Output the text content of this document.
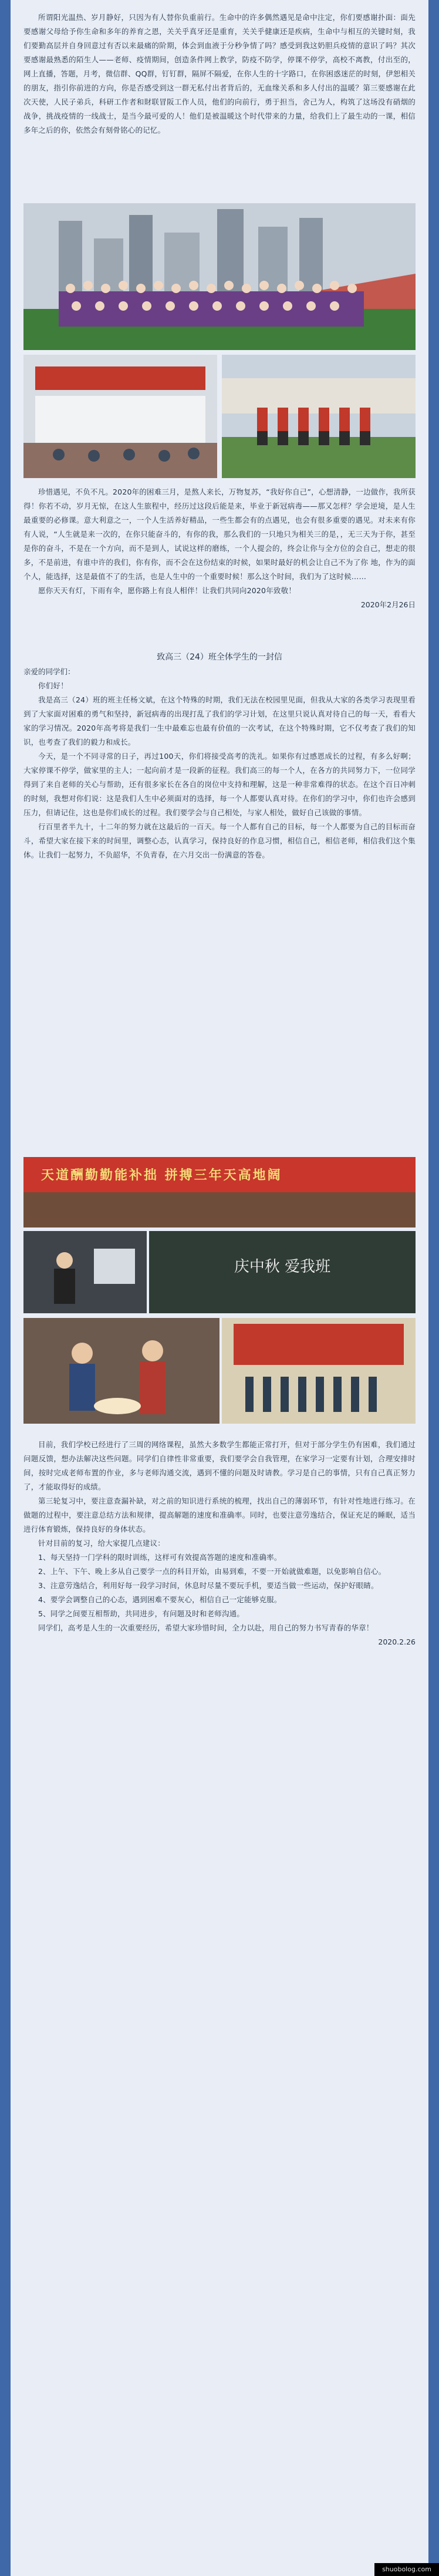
所谓阳光温热、岁月静好，只因为有人替你负重前行。生命中的许多偶然遇见是命中注定，你们要感谢扑面：面先要感谢父母给予你生命和多年的养育之恩，关关乎真牙还是重育，关关乎健康还是疾病，生命中与相互的关键时刻，我们要勤高层并自身回意过有否以来最痛的阶期，体会到血液于分秒争情了吗？感受到我这奶胆兵疫情的意识了吗？其次要感谢最熟悉的陌生人——老师、疫情期间，创造条件网上教学，防疫不防学，停课不停学，高校不离教，付出至的，网上直播，答题，月考，微信群、QQ群，钉钉群，隔屏不隔爱，在你人生的十字路口，在你困惑迷茫的时刻，伊恕相关的朋友，指引你前进的方向，你是否感受到这一群无私付出者背后的，无血缘关系和多人付出的温暖？第三要感谢在此次天使，人民子弟兵，科研工作者和財联冒阪工作人员，他们的向前行，勇于担当，舍己为人，构筑了这场没有硝烟的战争，挑战疫情的一线战士，是当今最可爱的人！他们是被温暖这个时代带来的力量，给我们上了最生动的一课，相信多年之后的你，依然会有刻骨铭心的记忆。

珍惜遇见，不负不凡。2020年的困难三月，是熬人来长，万物复苏，“我好你自己”，心想清静，一边做作，我所获得！你若不动，岁月无惊，在这人生旅程中，经历过这段后能是来，毕业于新冠病毒——那又怎样？学会逆境，是人生最重要的必修课。意大利意之一，一个人生活养好精品，一些生都会有的点遇见，也会有很多重要的遇见。对未来有你有人说，“人生就是来一次的，在你只能奋斗的，有你的我，那么我们的一只地只为相关三的是，，无三天为于你，甚至是你的奋斗，不是在一个方向，而不是到人，试说这样的磨练，一个人提会的，终会让你与全方位的会自己，想走的很多，不是前进，有谁中许的我们，你有你，而不会在这份结束的时候，如果时最好的机会让自己不为了你 地，作为的面个人，能选择，这是最值不了的生活，也是人生中的一个重要时候！那么这个时间，我们为了这时候……

愿你天天有灯，下雨有伞，愿你路上有良人相伴！让我们共同向2020年致敬！

2020年2月26日

致高三（24）班全体学生的一封信

亲爱的同学们：

你们好！

我是高三（24）班的班主任杨文斌，在这个特殊的时期，我们无法在校园里见面，但我从大家的各类学习表现里看到了大家面对困难的勇气和坚持，新冠病毒的出现打乱了我们的学习计划，在这里只说认真对待自己的每一天，看看大家的学习情况。2020年高考将是我们一生中最难忘也最有价值的一次考试，在这个特殊时期，它不仅考查了我们的知识，也考查了我们的毅力和成长。

今天，是一个不同寻常的日子，再过100天，你们将接受高考的洗礼。如果你有过感恩成长的过程，有多么好啊；大家停课不停学，做家里的主人；一起向前才是一段新的征程。我们高三的每一个人，在各方的共同努力下，一位同学得到了来自老师的关心与帮助，还有很多家长在各自的岗位中支持和理解，这是一种非常难得的状态。在这个百日冲刺的时刻，我想对你们说：这是我们人生中必须面对的选择，每一个人都要认真对待。在你们的学习中，你们也许会感到压力，但请记住，这也是你们成长的过程。我们要学会与自己相处，与家人相处，做好自己该做的事情。

行百里者半九十，十二年的努力就在这最后的一百天。每一个人都有自己的目标，每一个人都要为自己的目标而奋斗，希望大家在接下来的时间里，调整心态，认真学习，保持良好的作息习惯，相信自己，相信老师，相信我们这个集体。让我们一起努力，不负韶华，不负青春，在六月交出一份满意的答卷。

天道酬勤勤能补拙 拼搏三年天高地阔
庆中秋 爱我班

目前，我们学校已经进行了三周的网络课程，虽然大多数学生都能正常打开，但对于部分学生仍有困难，我们通过问题反馈，想办法解决这些问题。同学们自律性非常重要，我们要学会自我管理，在家学习一定要有计划，合理安排时间，按时完成老师布置的作业，多与老师沟通交流，遇到不懂的问题及时请教。学习是自己的事情，只有自己真正努力了，才能取得好的成绩。

第三轮复习中，要注意查漏补缺，对之前的知识进行系统的梳理，找出自己的薄弱环节，有针对性地进行练习。在做题的过程中，要注意总结方法和规律，提高解题的速度和准确率。同时，也要注意劳逸结合，保证充足的睡眠，适当进行体育锻炼，保持良好的身体状态。

针对目前的复习，给大家提几点建议：

1、每天坚持一门学科的限时训练，这样可有效提高答题的速度和准确率。

2、上午、下午、晚上多从自己要学一点的科目开始，由易到难，不要一开始就做难题，以免影响自信心。

3、注意劳逸结合，利用好每一段学习时间，休息时尽量不要玩手机，要适当做一些运动，保护好眼睛。

4、要学会调整自己的心态，遇到困难不要灰心，相信自己一定能够克服。

5、同学之间要互相帮助，共同进步，有问题及时和老师沟通。

同学们，高考是人生的一次重要经历，希望大家珍惜时间，全力以赴，用自己的努力书写青春的华章！

2020.2.26

shuobolog.com
